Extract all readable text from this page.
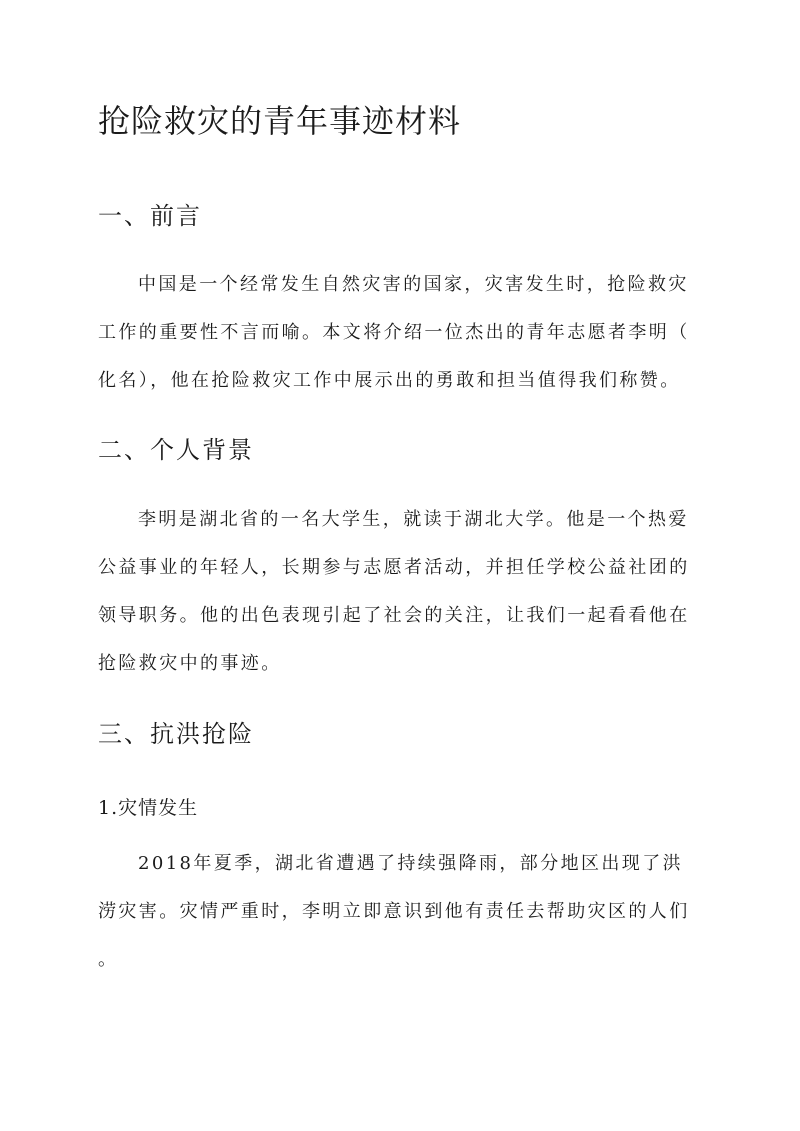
抢险救灾的青年事迹材料
一、前言
中国是一个经常发生自然灾害的国家，灾害发生时，抢险救灾
工作的重要性不言而喻。本文将介绍一位杰出的青年志愿者李明（
化名），他在抢险救灾工作中展示出的勇敢和担当值得我们称赞。
二、个人背景
李明是湖北省的一名大学生，就读于湖北大学。他是一个热爱
公益事业的年轻人，长期参与志愿者活动，并担任学校公益社团的
领导职务。他的出色表现引起了社会的关注，让我们一起看看他在
抢险救灾中的事迹。
三、抗洪抢险
1.灾情发生
2018年夏季，湖北省遭遇了持续强降雨，部分地区出现了洪
涝灾害。灾情严重时，李明立即意识到他有责任去帮助灾区的人们
。
